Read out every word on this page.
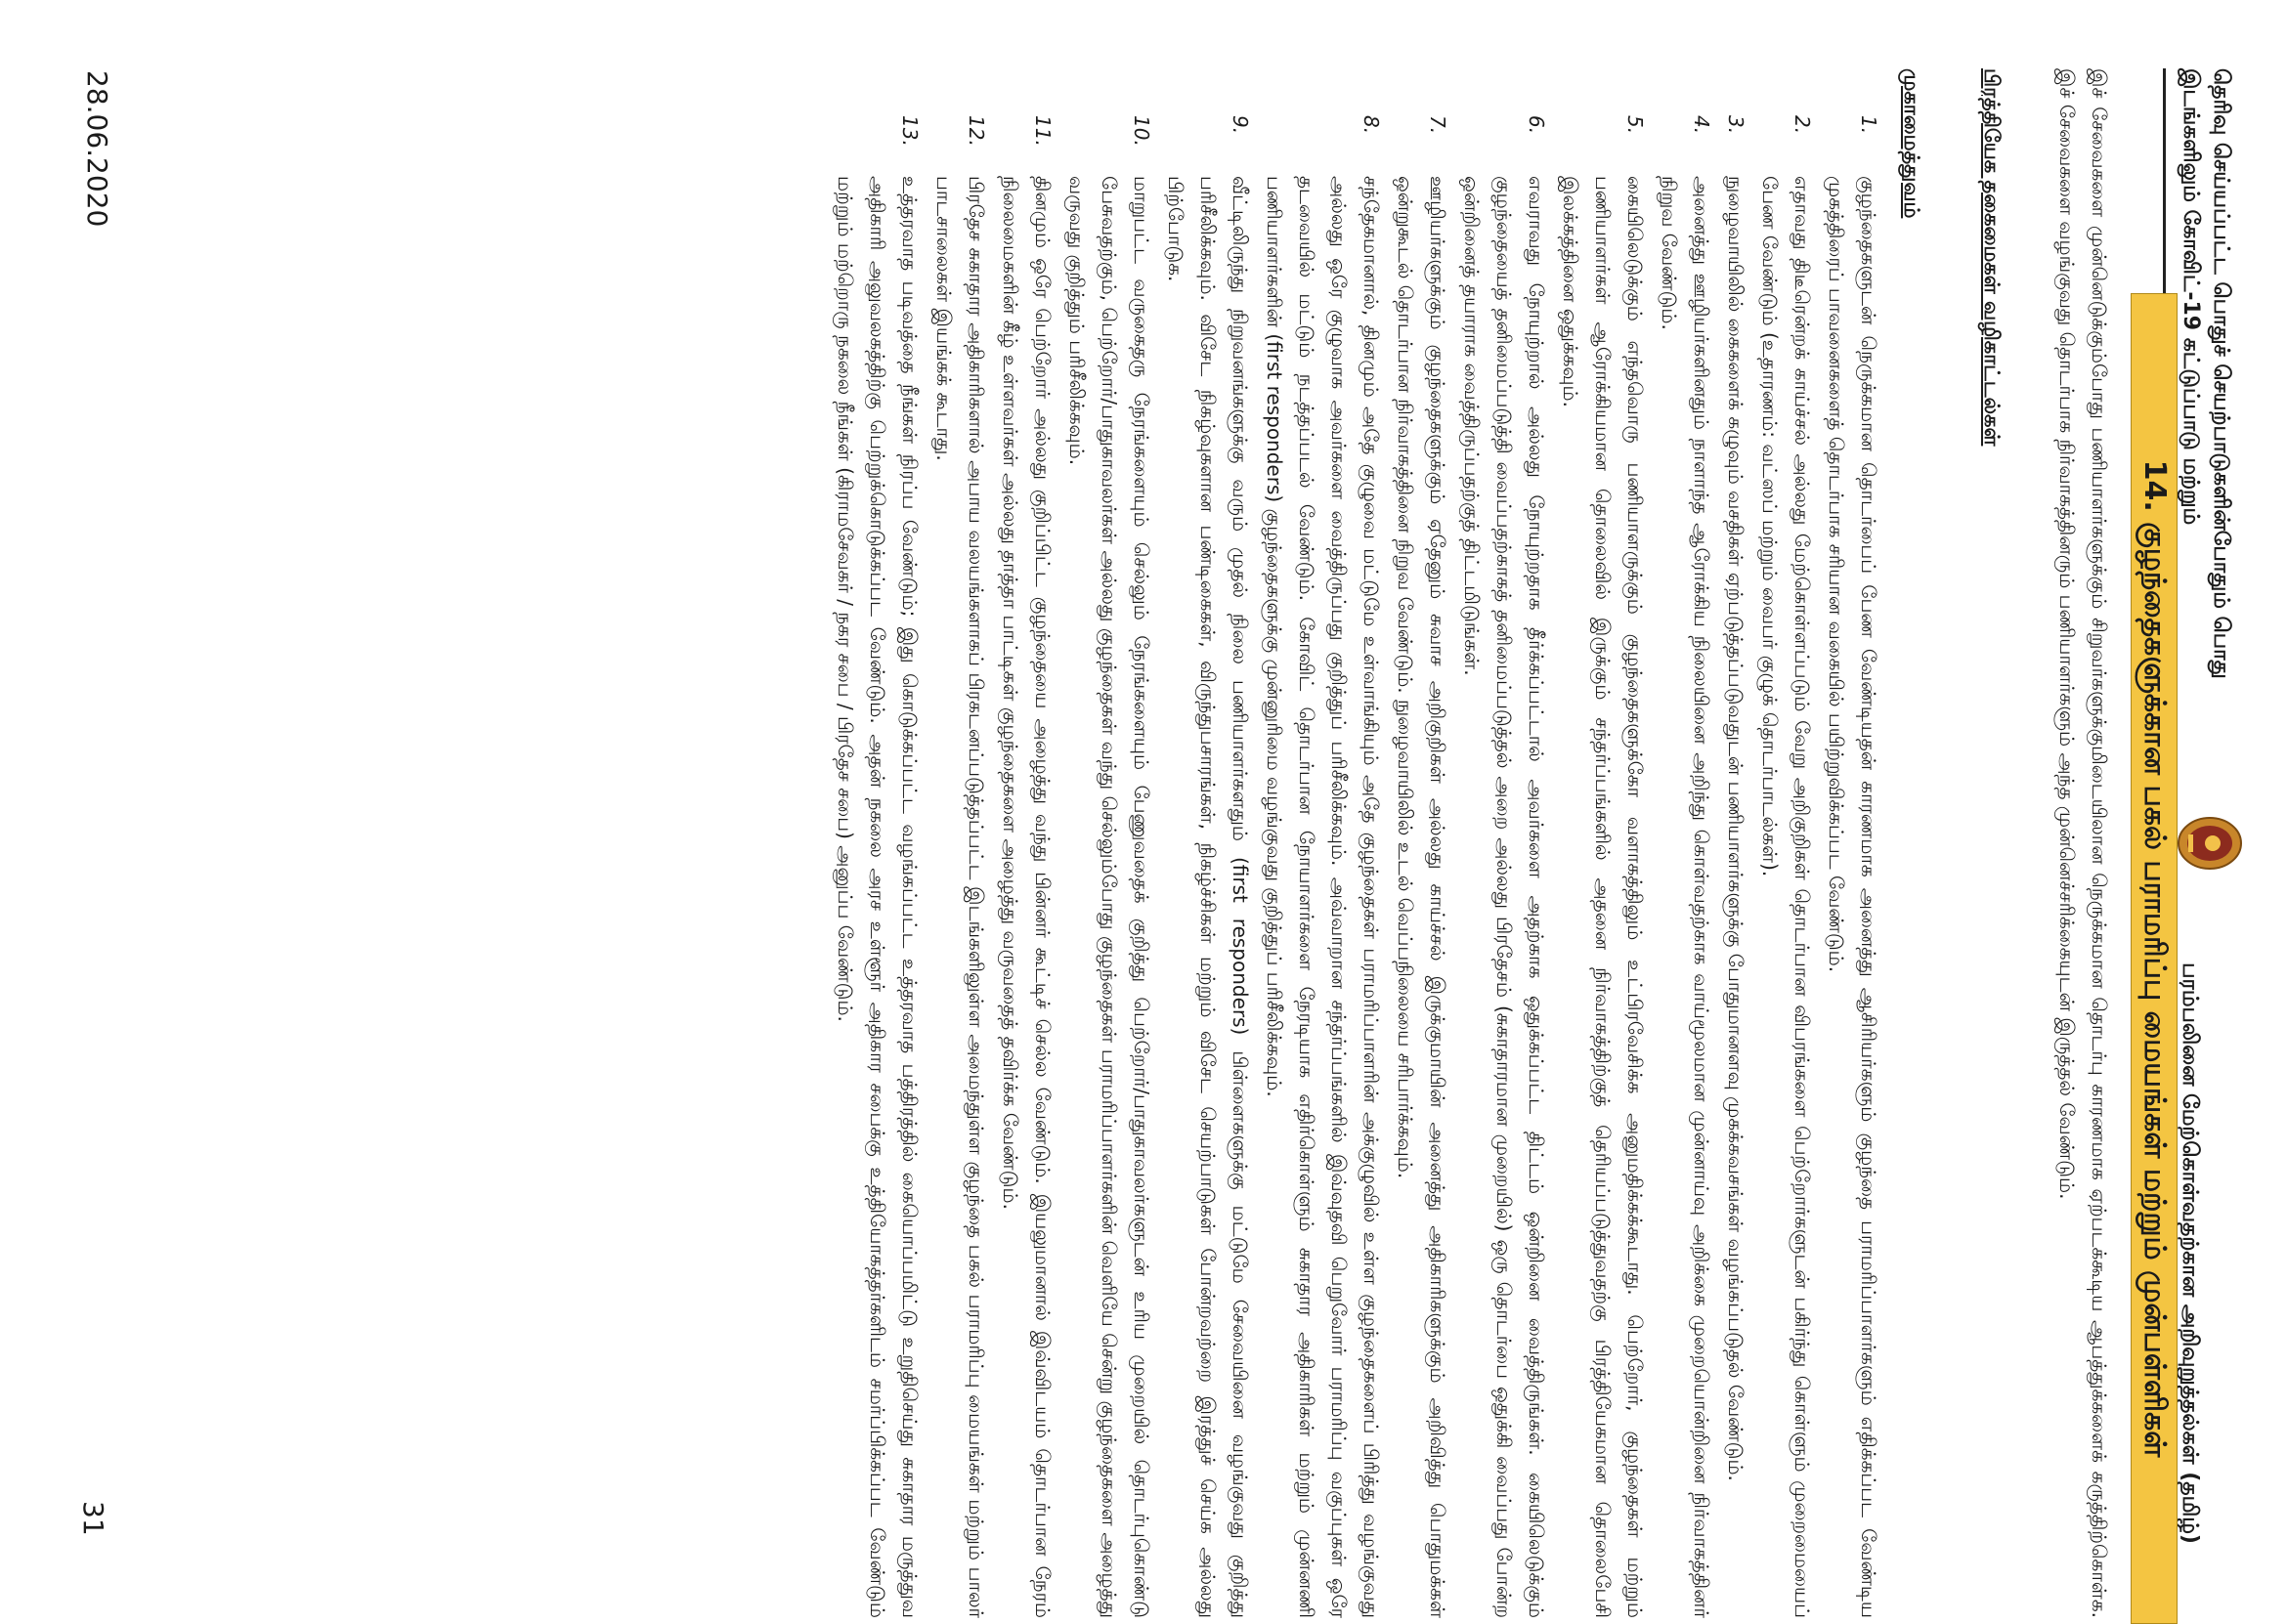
தெரிவு செய்யப்பட்ட பொதுச் செயற்பாடுகளின்போதும் பொது இடங்களிலும் கோவிட்-19 கட்டுப்பாடு மற்றும்
பரம்பலினை மேற்கொள்வதற்கான அறிவுறுத்தல்கள் (தமிழ்)
14. குழந்தைகளுக்கான பகல் பராமரிப்பு மையங்கள் மற்றும் முன்பள்ளிகள்
இச் சேவைகளை முன்னெடுக்கும்போது பணியாளர்களுக்கும் சிறுவர்களுக்குமிடையிலான நெருக்கமான தொடர்பு காரணமாக ஏற்படக்கூடிய ஆபத்துக்களைக் கருத்திற்கொள்க. இச் சேவைகளை வழங்குவது தொடர்பாக நிர்வாகத்தினரும் பணியாளர்களும் அந்த முன்னெச்சரிக்கையுடன் இருத்தல் வேண்டும்.
பிரத்தியேக தகைமைகள் வழிகாட்டல்கள்
முகாமைத்துவம்
1.
குழந்தைகளுடன் நெருக்கமான தொடர்பைப் பேண வேண்டியதன் காரணமாக அனைத்து ஆசிரியர்களும் குழந்தை பராமரிப்பாளர்களும் எதிக்கப்பட வேண்டிய முகத்திரைப் பாவனைகளைத் தொடர்பாக சரியான வகையில் பயிற்றுவிக்கப்பட வேண்டும்.
2.
எதாவது திடீரென்றக் காய்ச்சல் அல்லது மேற்கொள்ளப்படும் வேறு அறிகுறிகள் தொடர்பான விபரங்களை பெற்றோர்களுடன் பகிர்ந்து கொள்ளும் முறைமையைப் பேண வேண்டும் (உதாரணம்: வட்ஸப் மற்றும் வைபர் குழுக் தொடர்பாடல்கள்).
3.
நுழைவாயிலில் கைகளைக் கழுவும் வசதிகள் ஏற்படுத்தப்படுவதுடன் பணியாளர்களுக்கு போதுமானளவு முகக்கவசங்கள் வழங்கப்படுதல் வேண்டும்.
4.
அனைத்து ஊழியர்களினதும் நாளாந்த ஆரோக்கிய நிலையினை அறிந்து கொள்வதற்காக வாய்மூலமான முன்னாய்வு அறிக்கை முறையொன்றினை நிர்வாகத்தினர் நிறுவ வேண்டும்.
5.
கையிலெடுக்கும் எந்தவொரு பணியாளருக்கும் குழந்தைகளுக்கோ வளாகத்திலும் உட்பிரவேசிக்க அனுமதிக்கக்கூடாது. பெற்றோர், குழந்தைகள் மற்றும் பணியாளர்கள் ஆரோக்கியமான தொலைவில் இருக்கும் சந்தர்ப்பங்களில் அதனை நிர்வாகத்திற்குத் தெரியப்படுத்துவதற்கு பிரத்தியேகமான தொலைபேசி இலக்கத்தினை ஒதுக்கவும்.
6.
எவராவது நோயுற்றால் அல்லது நோயுற்றதாக தீர்க்கப்பட்டால் அவர்களை அதற்காக ஒதுக்கப்பட்ட திட்டம் ஒன்றினை வைத்திருங்கள். கையிலெடுக்கும் குழந்தையைத் தனிமைப்படுத்தி வைப்பதற்காகத் தனிமைப்படுத்தல் அறை அல்லது பிரதேசம் (சுகாதாரமான முறையில்) ஒரு தொடர்பை ஒதுக்கி வைப்பது போன்ற ஒன்றினைத் தயாராக வைத்திருப்பதற்குத் திட்டமிடுங்கள்.
7.
ஊழியர்களுக்கும் குழந்தைகளுக்கும் ஏதேனும் சுவாச அறிகுறிகள் அல்லது காய்ச்சல் இருக்குமாயின் அனைத்து அதிகாரிகளுக்கும் அறிவித்து பொதுமக்கள் ஒன்றுகூடல் தொடர்பான நிர்வாகத்தினை நிறுவ வேண்டும். நுழைவாயிலில் உடல் வெப்பநிலையை சரிபார்க்கவும்.
8.
சந்தேகமானால், தினமும் அதே குழுவை மட்டுமே உள்வாங்கியும் அதே குழந்தைகள் பராமரிப்பாளரின் அக்குழுவில் உள்ள குழந்தைகளைப் பிரித்து வழங்குவது அல்லது ஒரே குழுவாக அவர்களை வைத்திருப்பது குறித்துப் பரிசீலிக்கவும். அவ்வாறான சந்தர்ப்பங்களில் இவ்வுதவி பெறுவோர் பராமரிப்பு வகுப்புகள் ஒரே தடவையில் மட்டும் நடத்தப்படல் வேண்டும். கோவிட் தொடர்பான நோயாளர்களை நேரடியாக எதிர்கொள்ளும் சுகாதார அதிகாரிகள் மற்றும் முன்னணி பணியாளர்களின் (first responders) குழந்தைகளுக்கு முன்னுரிமை வழங்குவது குறித்துப் பரிசீலிக்கவும்.
9.
வீட்டிலிருந்து நிறுவனங்களுக்கு வரும் முதல் நிலை பணியாளர்களதும் (first responders) பிள்ளைகளுக்கு மட்டுமே சேவையினை வழங்குவது குறித்து பரிசீலிக்கவும். விசேட நிகழ்வுகளான பண்டிகைகள், விருந்துபசாரங்கள், நிகழ்ச்சிகள் மற்றும் விசேட செயற்பாடுகள் போன்றவற்றை இரத்துச் செய்க அல்லது பிற்போடுக.
10.
மாறுபட்ட வருகைதரு நேரங்களையும் செல்லும் நேரங்களையும் பேணுவதைக் குறித்து பெற்றோர்/பாதுகாவலர்களுடன் உரிய முறையில் தொடர்புகொண்டு பேசுவதற்கும், பெற்றோர்/பாதுகாவலர்கள் அல்லது குழந்தைகள் வந்து செல்லும்போது குழந்தைகள் பராமரிப்பாளர்களின் வெளியே சென்று குழந்தைகளை அழைத்து வருவது குறித்தும் பரிசீலிக்கவும்.
11.
தினமும் ஒரே பெற்றோர் அல்லது குறிப்பிட்ட குழந்தையை அழைத்து வந்து பின்னர் கூட்டிச் செல்ல வேண்டும். இயலுமானால் இவ்விடயம் தொடர்பான நேரம் நிலைமைகளின் கீழ் உள்ளவர்கள் அல்லது தாத்தா பாட்டிகள் குழந்தைகளை அழைத்து வருவதைத் தவிர்க்க வேண்டும்.
12.
பிரதேச சுகாதார அதிகாரிகளால் அபாய வலயங்களாகப் பிரகடனப்படுத்தப்பட்ட இடங்களிலுள்ள அமைந்துள்ள குழந்தை பகல் பராமரிப்பு மையங்கள் மற்றும் பாலர் பாடசாலைகள் இயங்கக் கூடாது.
13.
உத்தரவாத படிவத்தை நீங்கள் நிரப்ப வேண்டும்; இது கொடுக்கப்பட்ட வழங்கப்பட்ட உத்தரவாத பத்திரத்தில் கையொப்பமிட்டு உறுதிசெய்து சுகாதார மருத்துவ அதிகாரி அலுவலகத்திற்கு பெற்றுக்கொடுக்கப்பட வேண்டும். அதன் நகலை அரச உள்ளூர் அதிகார சபைக்கு உத்தியோகத்தர்களிடம் சமர்ப்பிக்கப்பட வேண்டும் மற்றும் மற்றொரு நகலை நீங்கள் (கிராமசேவகர் / நகர சபை / பிரதேச சபை) அனுப்ப வேண்டும்.
28.06.2020
31
